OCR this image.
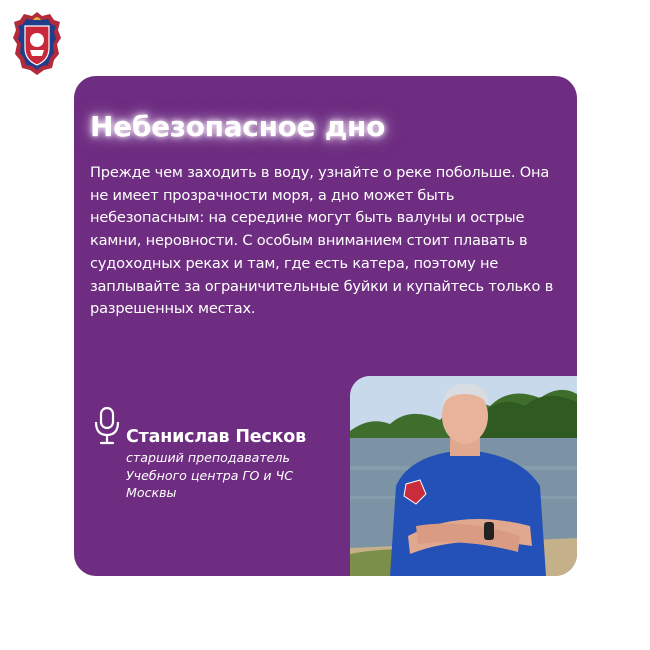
Небезопасное дно

Прежде чем заходить в воду, узнайте о реке побольше. Она не имеет прозрачности моря, а дно может быть небезопасным: на середине могут быть валуны и острые камни, неровности. С особым вниманием стоит плавать в судоходных реках и там, где есть катера, поэтому не заплывайте за ограничительные буйки и купайтесь только в разрешенных местах.

Станислав Песков

старший преподаватель Учебного центра ГО и ЧС Москвы
